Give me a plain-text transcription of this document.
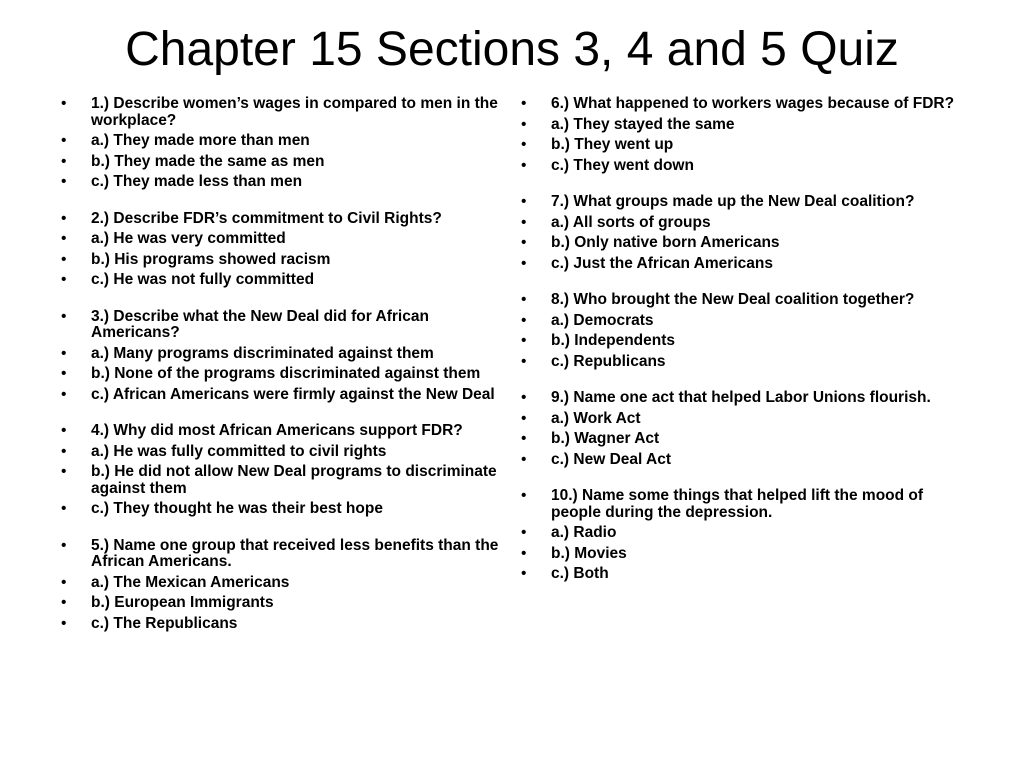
Chapter 15 Sections 3, 4 and 5 Quiz
• 1.) Describe women’s wages in compared to men in the workplace?
• a.) They made more than men
• b.) They made the same as men
• c.) They made less than men
• 2.) Describe FDR’s commitment to Civil Rights?
• a.) He was very committed
• b.) His programs showed racism
• c.) He was not fully committed
• 3.) Describe what the New Deal did for African Americans?
• a.) Many programs discriminated against them
• b.) None of the programs discriminated against them
• c.) African Americans were firmly against the New Deal
• 4.) Why did most African Americans support FDR?
• a.) He was fully committed to civil rights
• b.) He did not allow New Deal programs to discriminate against them
• c.) They thought he was their best hope
• 5.) Name one group that received less benefits than the African Americans.
• a.) The Mexican Americans
• b.) European Immigrants
• c.) The Republicans
• 6.) What happened to workers wages because of FDR?
• a.) They stayed the same
• b.) They went up
• c.) They went down
• 7.) What groups made up the New Deal coalition?
• a.) All sorts of groups
• b.) Only native born Americans
• c.) Just the African Americans
• 8.) Who brought the New Deal coalition together?
• a.) Democrats
• b.) Independents
• c.) Republicans
• 9.) Name one act that helped Labor Unions flourish.
• a.) Work Act
• b.) Wagner Act
• c.) New Deal Act
• 10.) Name some things that helped lift the mood of people during the depression.
• a.) Radio
• b.) Movies
• c.) Both
